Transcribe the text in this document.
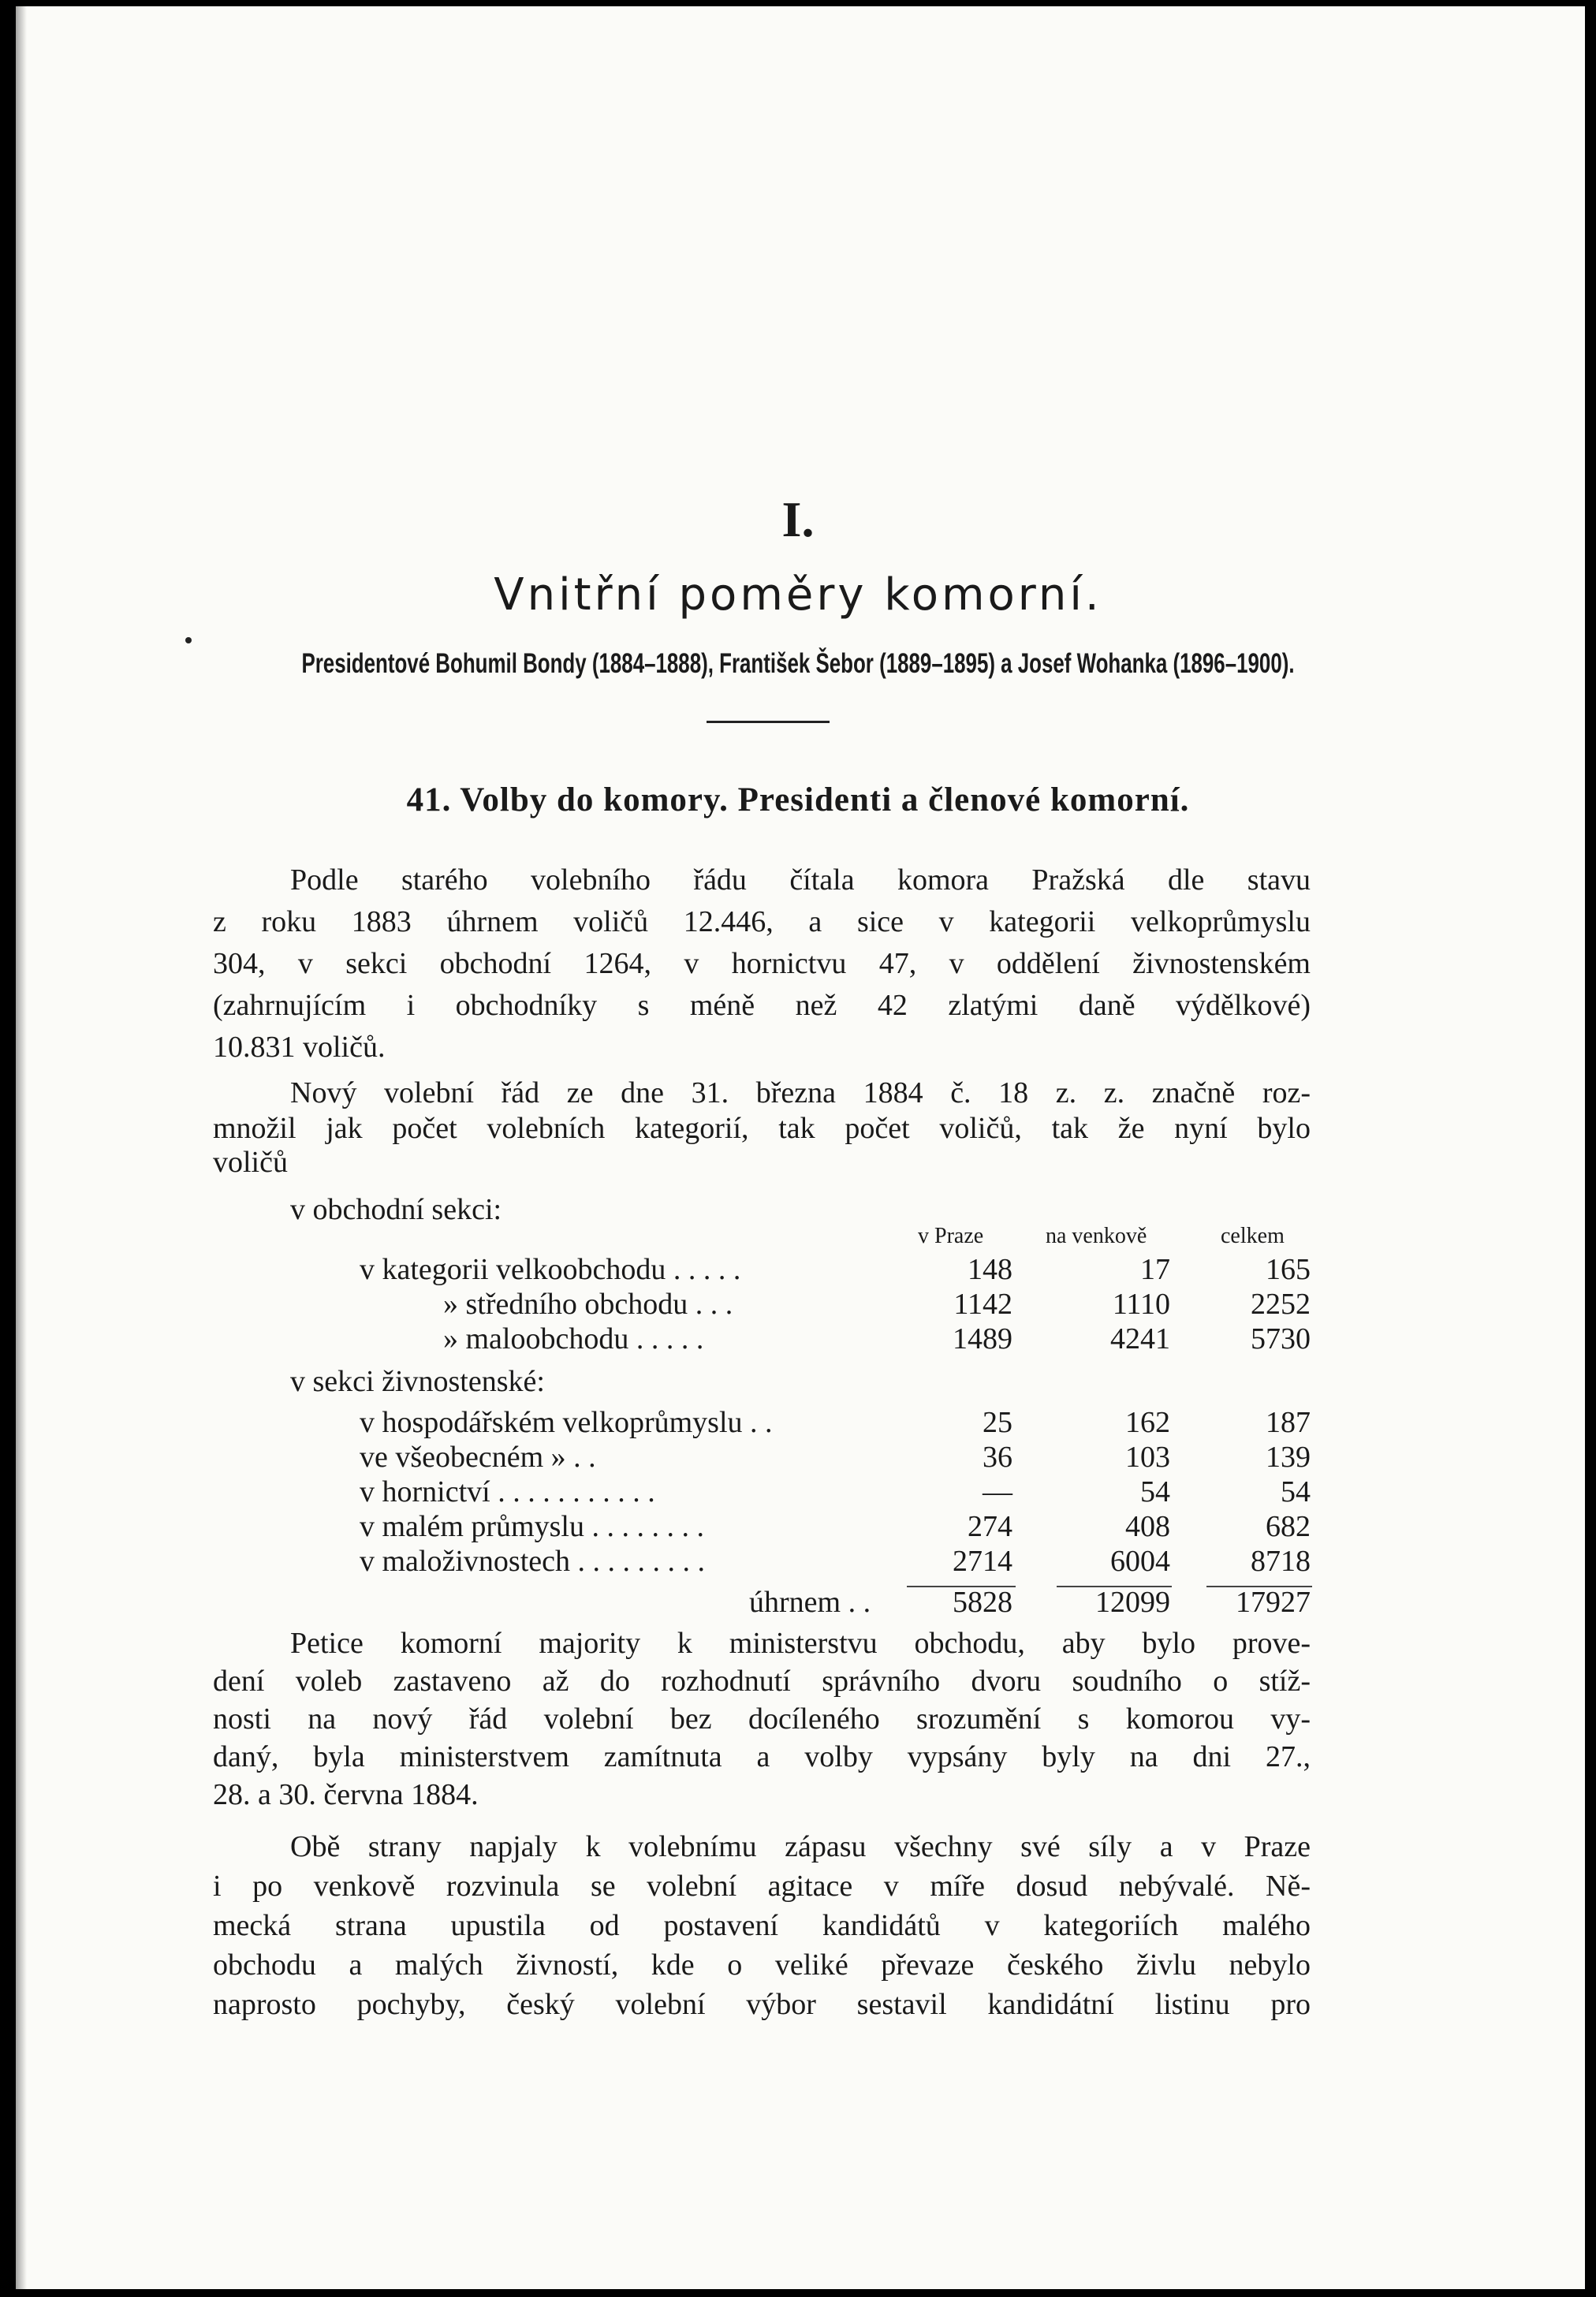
I.
Vnitřní poměry komorní.
Presidentové Bohumil Bondy (1884–1888), František Šebor (1889–1895) a Josef Wohanka (1896–1900).
41. Volby do komory. Presidenti a členové komorní.
Podle starého volebního řádu čítala komora Pražská dle stavu
z roku 1883 úhrnem voličů 12.446, a sice v kategorii velkoprůmyslu
304, v sekci obchodní 1264, v hornictvu 47, v oddělení živnostenském
(zahrnujícím i obchodníky s méně než 42 zlatými daně výdělkové)
10.831 voličů.
Nový volební řád ze dne 31. března 1884 č. 18 z. z. značně roz-
množil jak počet volebních kategorií, tak počet voličů, tak že nyní bylo
voličů
v obchodní sekci:
v Praze	na venkově	celkem
v kategorii velkoobchodu . . . . .	148	17	165
» středního obchodu . . .	1142	1110	2252
» maloobchodu . . . . .	1489	4241	5730
v sekci živnostenské:
v hospodářském velkoprůmyslu . .	25	162	187
ve všeobecném » . .	36	103	139
v hornictví . . . . . . . . . . .	—	54	54
v malém průmyslu . . . . . . . .	274	408	682
v maloživnostech . . . . . . . . .	2714	6004	8718
úhrnem . .	5828	12099	17927
Petice komorní majority k ministerstvu obchodu, aby bylo prove-
dení voleb zastaveno až do rozhodnutí správního dvoru soudního o stíž-
nosti na nový řád volební bez docíleného srozumění s komorou vy-
daný, byla ministerstvem zamítnuta a volby vypsány byly na dni 27.,
28. a 30. června 1884.
Obě strany napjaly k volebnímu zápasu všechny své síly a v Praze
i po venkově rozvinula se volební agitace v míře dosud nebývalé. Ně-
mecká strana upustila od postavení kandidátů v kategoriích malého
obchodu a malých živností, kde o veliké převaze českého živlu nebylo
naprosto pochyby, český volební výbor sestavil kandidátní listinu pro
